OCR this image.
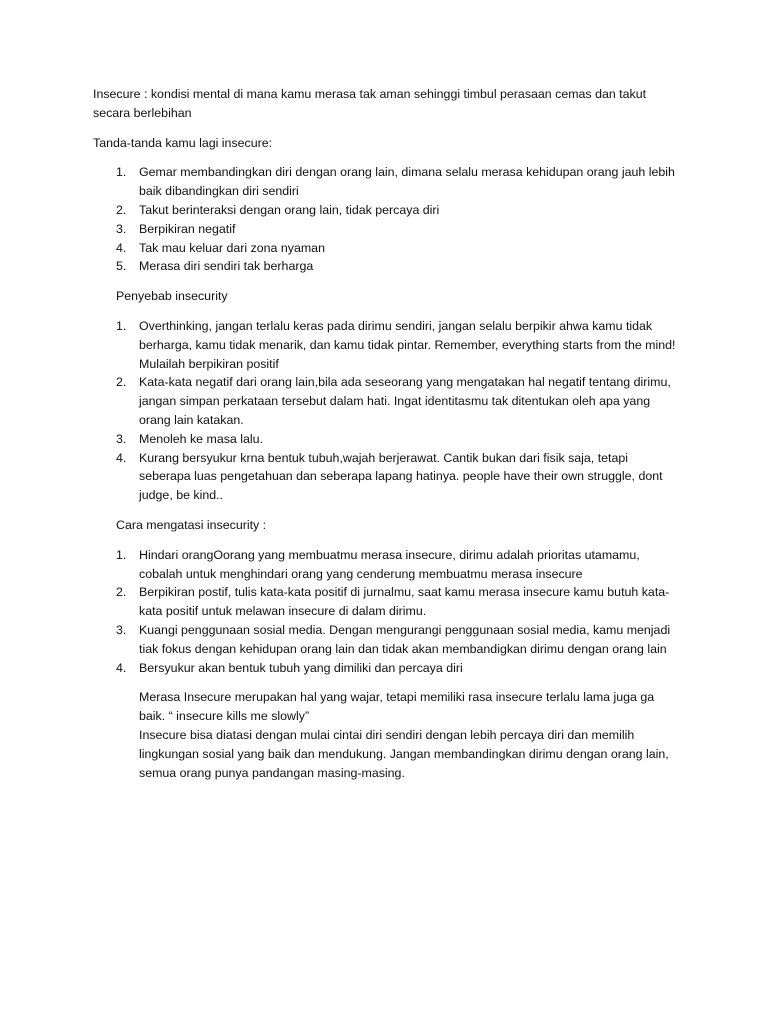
Insecure : kondisi mental di mana kamu merasa tak aman sehinggi timbul perasaan cemas dan takut secara berlebihan

Tanda-tanda kamu lagi insecure:

1. Gemar membandingkan diri dengan orang lain, dimana selalu merasa kehidupan orang jauh lebih baik dibandingkan diri sendiri
2. Takut berinteraksi dengan orang lain, tidak percaya diri
3. Berpikiran negatif
4. Tak mau keluar dari zona nyaman
5. Merasa diri sendiri tak berharga

Penyebab insecurity

1. Overthinking, jangan terlalu keras pada dirimu sendiri, jangan selalu berpikir ahwa kamu tidak berharga, kamu tidak menarik, dan kamu tidak pintar. Remember, everything starts from the mind! Mulailah berpikiran positif
2. Kata-kata negatif dari orang lain,bila ada seseorang yang mengatakan hal negatif tentang dirimu, jangan simpan perkataan tersebut dalam hati. Ingat identitasmu tak ditentukan oleh apa yang orang lain katakan.
3. Menoleh ke masa lalu.
4. Kurang bersyukur krna bentuk tubuh,wajah berjerawat. Cantik bukan dari fisik saja, tetapi seberapa luas pengetahuan dan seberapa lapang hatinya. people have their own struggle, dont judge, be kind..

Cara mengatasi insecurity :

1. Hindari orangOorang yang membuatmu merasa insecure, dirimu adalah prioritas utamamu, cobalah untuk menghindari orang yang cenderung membuatmu merasa insecure
2. Berpikiran postif, tulis kata-kata positif di jurnalmu, saat kamu merasa insecure kamu butuh kata-kata positif untuk melawan insecure di dalam dirimu.
3. Kuangi penggunaan sosial media. Dengan mengurangi penggunaan sosial media, kamu menjadi tiak fokus dengan kehidupan orang lain dan tidak akan membandigkan dirimu dengan orang lain
4. Bersyukur akan bentuk tubuh yang dimiliki dan percaya diri

Merasa Insecure merupakan hal yang wajar, tetapi memiliki rasa insecure terlalu lama juga ga baik. “ insecure kills me slowly”

Insecure bisa diatasi dengan mulai cintai diri sendiri dengan lebih percaya diri dan memilih lingkungan sosial yang baik dan mendukung. Jangan membandingkan dirimu dengan orang lain, semua orang punya pandangan masing-masing.
